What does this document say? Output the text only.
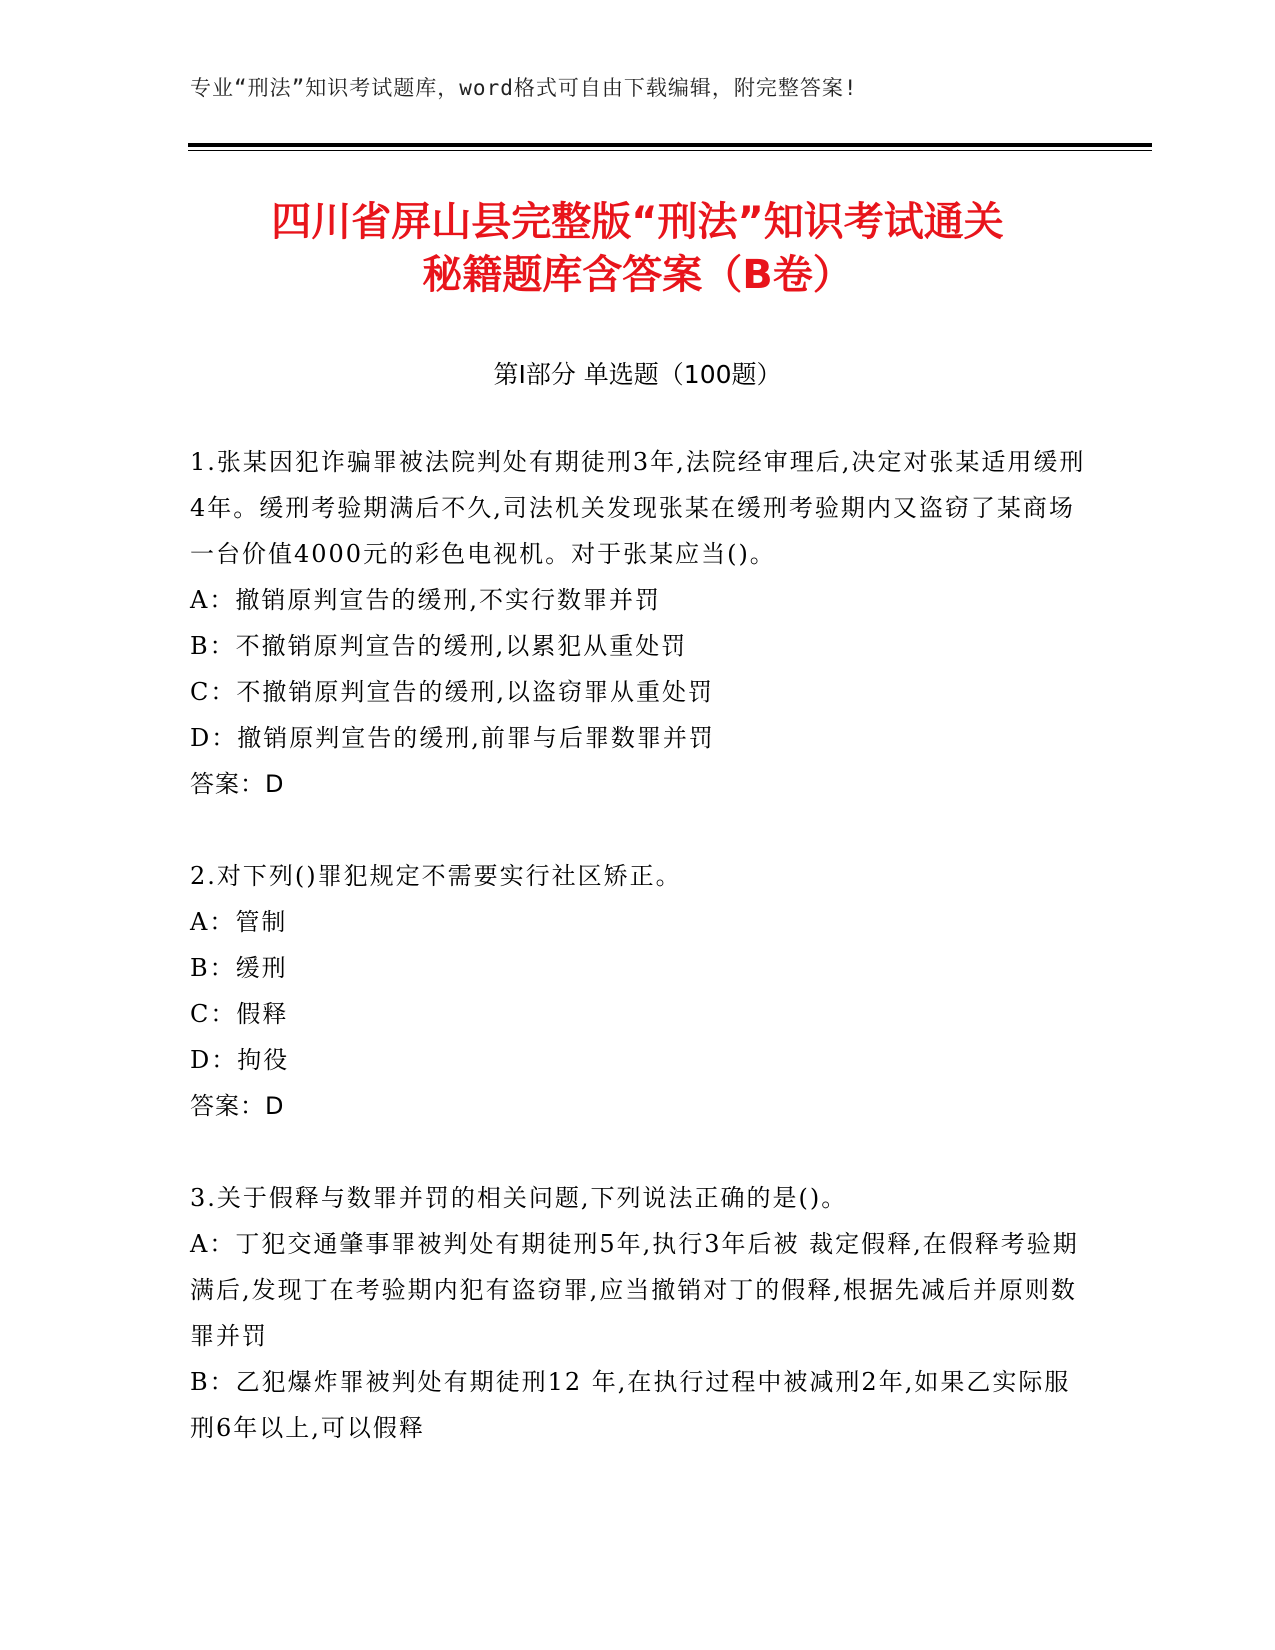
专业“刑法”知识考试题库，word格式可自由下载编辑，附完整答案!
四川省屏山县完整版“刑法”知识考试通关
秘籍题库含答案（B卷）
第Ⅰ部分 单选题（100题）

1.张某因犯诈骗罪被法院判处有期徒刑3年,法院经审理后,决定对张某适用缓刑4年。缓刑考验期满后不久,司法机关发现张某在缓刑考验期内又盗窃了某商场一台价值4000元的彩色电视机。对于张某应当()。

A：撤销原判宣告的缓刑,不实行数罪并罚

B：不撤销原判宣告的缓刑,以累犯从重处罚

C：不撤销原判宣告的缓刑,以盗窃罪从重处罚

D：撤销原判宣告的缓刑,前罪与后罪数罪并罚

答案：D

2.对下列()罪犯规定不需要实行社区矫正。

A：管制

B：缓刑

C：假释

D：拘役

答案：D

3.关于假释与数罪并罚的相关问题,下列说法正确的是()。

A：丁犯交通肇事罪被判处有期徒刑5年,执行3年后被 裁定假释,在假释考验期满后,发现丁在考验期内犯有盗窃罪,应当撤销对丁的假释,根据先减后并原则数罪并罚

B：乙犯爆炸罪被判处有期徒刑12 年,在执行过程中被减刑2年,如果乙实际服刑6年以上,可以假释
